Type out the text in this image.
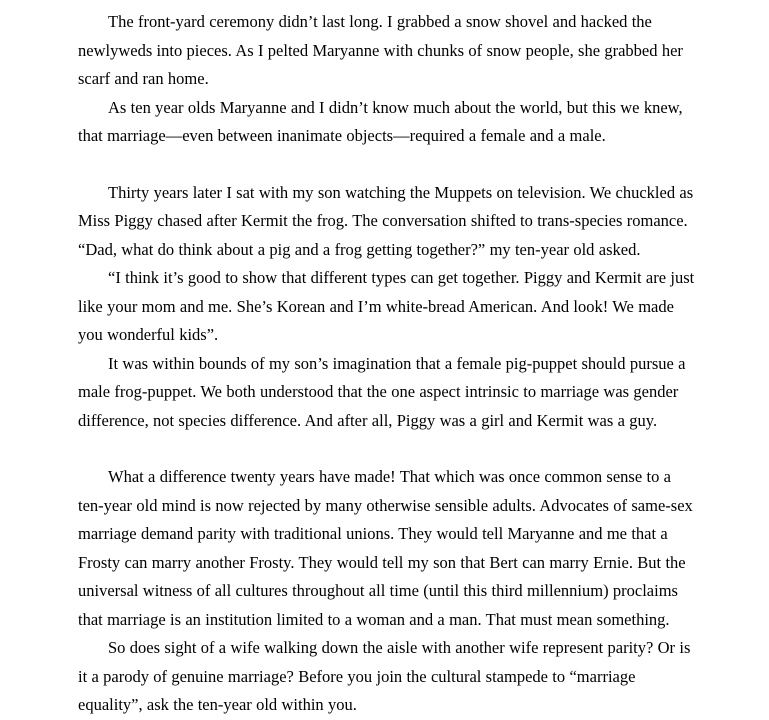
The front-yard ceremony didn’t last long. I grabbed a snow shovel and hacked the newlyweds into pieces. As I pelted Maryanne with chunks of snow people, she grabbed her scarf and ran home.

As ten year olds Maryanne and I didn’t know much about the world, but this we knew, that marriage—even between inanimate objects—required a female and a male.

Thirty years later I sat with my son watching the Muppets on television. We chuckled as Miss Piggy chased after Kermit the frog. The conversation shifted to trans-species romance. “Dad, what do think about a pig and a frog getting together?” my ten-year old asked.

“I think it’s good to show that different types can get together. Piggy and Kermit are just like your mom and me. She’s Korean and I’m white-bread American. And look! We made you wonderful kids”.

It was within bounds of my son’s imagination that a female pig-puppet should pursue a male frog-puppet. We both understood that the one aspect intrinsic to marriage was gender difference, not species difference. And after all, Piggy was a girl and Kermit was a guy.

What a difference twenty years have made! That which was once common sense to a ten-year old mind is now rejected by many otherwise sensible adults. Advocates of same-sex marriage demand parity with traditional unions. They would tell Maryanne and me that a Frosty can marry another Frosty. They would tell my son that Bert can marry Ernie. But the universal witness of all cultures throughout all time (until this third millennium) proclaims that marriage is an institution limited to a woman and a man. That must mean something.

So does sight of a wife walking down the aisle with another wife represent parity? Or is it a parody of genuine marriage? Before you join the cultural stampede to “marriage equality”, ask the ten-year old within you.
